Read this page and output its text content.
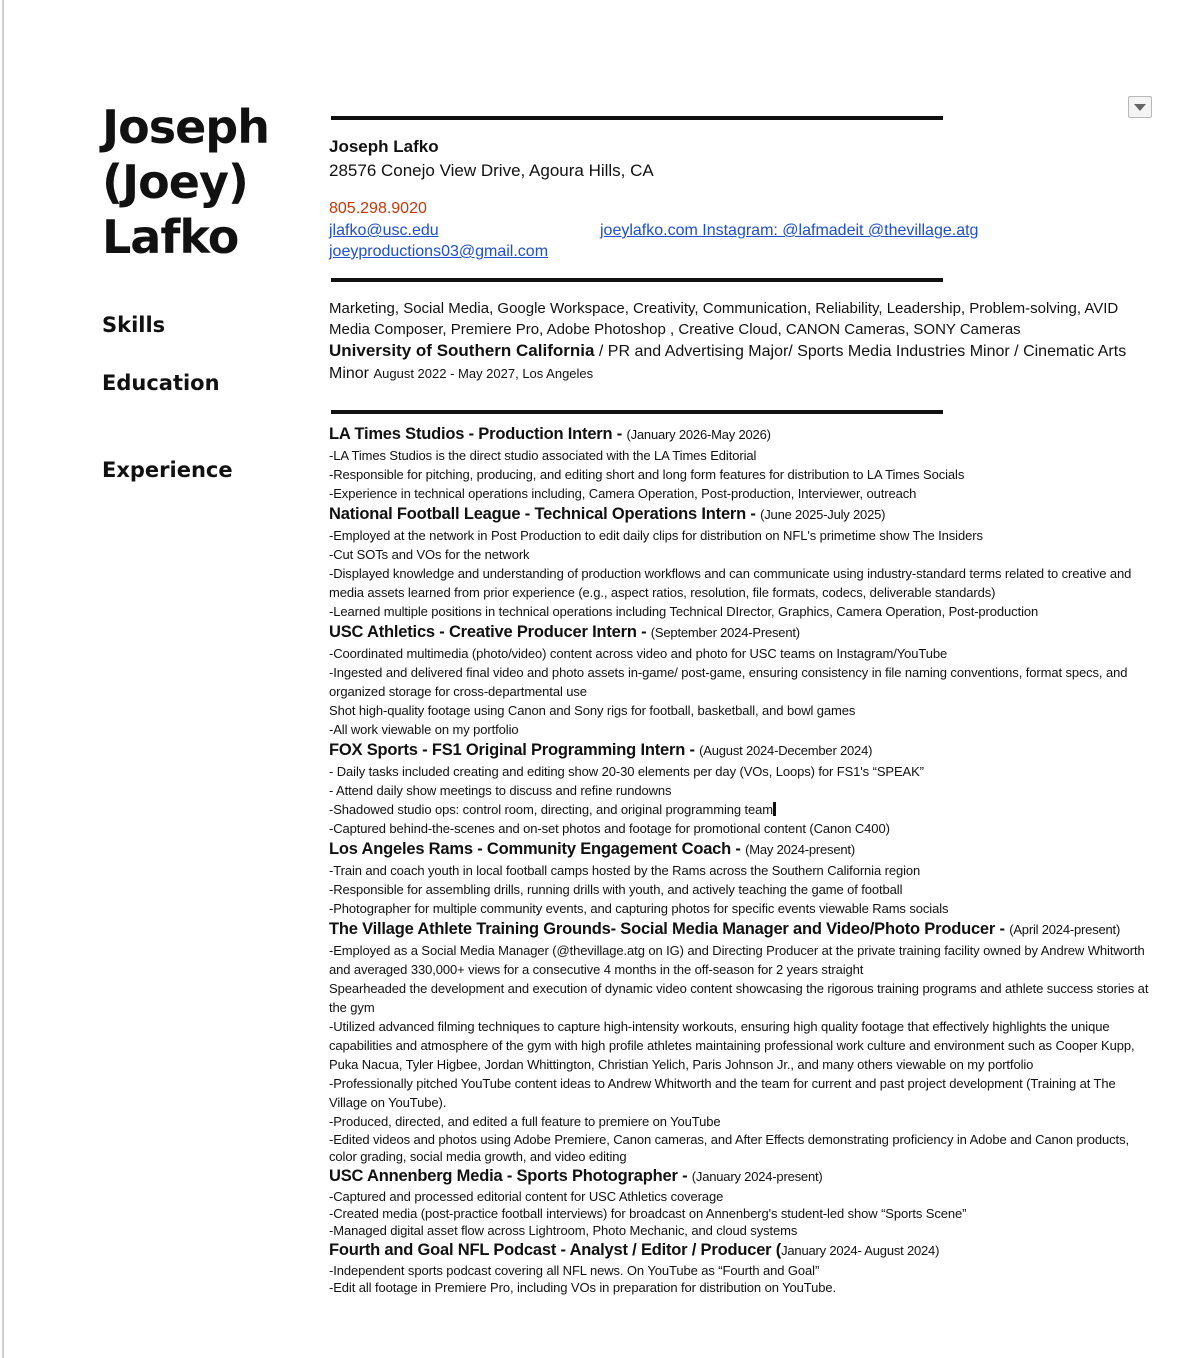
Joseph
(Joey)
Lafko
Skills
Education
Experience
Joseph Lafko
28576 Conejo View Drive, Agoura Hills, CA
805.298.9020
jlafko@usc.edu	joeylafko.com Instagram: @lafmadeit @thevillage.atg
joeyproductions03@gmail.com
Marketing, Social Media, Google Workspace, Creativity, Communication, Reliability, Leadership, Problem-solving, AVID Media Composer, Premiere Pro, Adobe Photoshop , Creative Cloud, CANON Cameras, SONY Cameras
University of Southern California / PR and Advertising Major/ Sports Media Industries Minor / Cinematic Arts Minor August 2022 - May 2027, Los Angeles
LA Times Studios - Production Intern - (January 2026-May 2026)
-LA Times Studios is the direct studio associated with the LA Times Editorial
-Responsible for pitching, producing, and editing short and long form features for distribution to LA Times Socials
-Experience in technical operations including, Camera Operation, Post-production, Interviewer, outreach
National Football League - Technical Operations Intern - (June 2025-July 2025)
-Employed at the network in Post Production to edit daily clips for distribution on NFL's primetime show The Insiders
-Cut SOTs and VOs for the network
-Displayed knowledge and understanding of production workflows and can communicate using industry-standard terms related to creative and media assets learned from prior experience (e.g., aspect ratios, resolution, file formats, codecs, deliverable standards)
-Learned multiple positions in technical operations including Technical DIrector, Graphics, Camera Operation, Post-production
USC Athletics - Creative Producer Intern - (September 2024-Present)
-Coordinated multimedia (photo/video) content across video and photo for USC teams on Instagram/YouTube
-Ingested and delivered final video and photo assets in-game/ post-game, ensuring consistency in file naming conventions, format specs, and organized storage for cross-departmental use
Shot high-quality footage using Canon and Sony rigs for football, basketball, and bowl games
-All work viewable on my portfolio
FOX Sports - FS1 Original Programming Intern - (August 2024-December 2024)
- Daily tasks included creating and editing show 20-30 elements per day (VOs, Loops) for FS1's “SPEAK”
- Attend daily show meetings to discuss and refine rundowns
-Shadowed studio ops: control room, directing, and original programming team
-Captured behind-the-scenes and on-set photos and footage for promotional content (Canon C400)
Los Angeles Rams - Community Engagement Coach - (May 2024-present)
-Train and coach youth in local football camps hosted by the Rams across the Southern California region
-Responsible for assembling drills, running drills with youth, and actively teaching the game of football
-Photographer for multiple community events, and capturing photos for specific events viewable Rams socials
The Village Athlete Training Grounds- Social Media Manager and Video/Photo Producer - (April 2024-present)
-Employed as a Social Media Manager (@thevillage.atg on IG) and Directing Producer at the private training facility owned by Andrew Whitworth and averaged 330,000+ views for a consecutive 4 months in the off-season for 2 years straight
Spearheaded the development and execution of dynamic video content showcasing the rigorous training programs and athlete success stories at the gym
-Utilized advanced filming techniques to capture high-intensity workouts, ensuring high quality footage that effectively highlights the unique capabilities and atmosphere of the gym with high profile athletes maintaining professional work culture and environment such as Cooper Kupp, Puka Nacua, Tyler Higbee, Jordan Whittington, Christian Yelich, Paris Johnson Jr., and many others viewable on my portfolio
-Professionally pitched YouTube content ideas to Andrew Whitworth and the team for current and past project development (Training at The Village on YouTube).
-Produced, directed, and edited a full feature to premiere on YouTube
-Edited videos and photos using Adobe Premiere, Canon cameras, and After Effects demonstrating proficiency in Adobe and Canon products, color grading, social media growth, and video editing
USC Annenberg Media - Sports Photographer - (January 2024-present)
-Captured and processed editorial content for USC Athletics coverage
-Created media (post-practice football interviews) for broadcast on Annenberg's student-led show “Sports Scene”
-Managed digital asset flow across Lightroom, Photo Mechanic, and cloud systems
Fourth and Goal NFL Podcast - Analyst / Editor / Producer (January 2024- August 2024)
-Independent sports podcast covering all NFL news. On YouTube as “Fourth and Goal”
-Edit all footage in Premiere Pro, including VOs in preparation for distribution on YouTube.
